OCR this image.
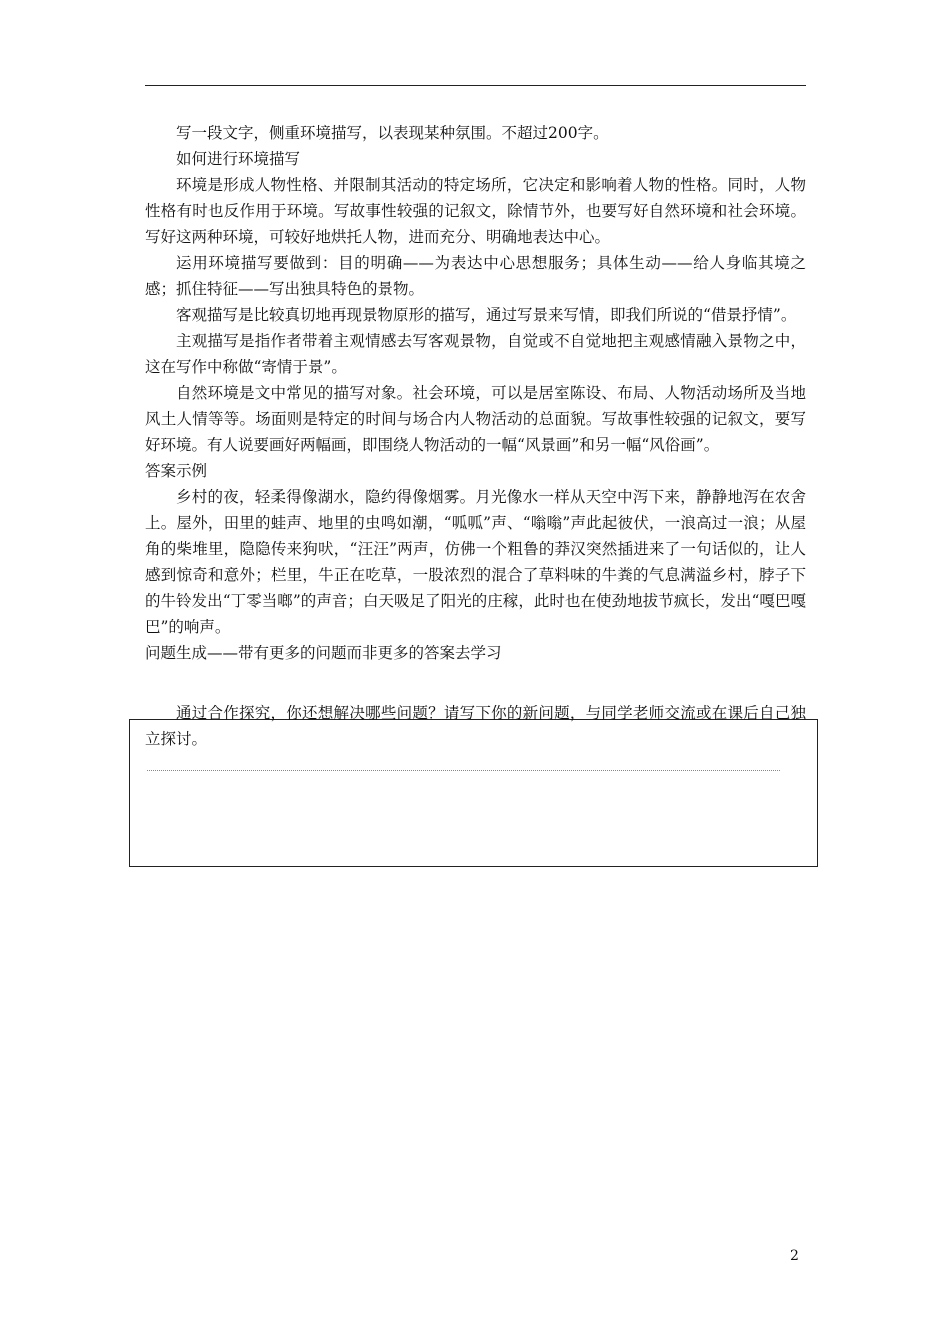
写一段文字，侧重环境描写，以表现某种氛围。不超过200字。

如何进行环境描写

环境是形成人物性格、并限制其活动的特定场所，它决定和影响着人物的性格。同时，人物性格有时也反作用于环境。写故事性较强的记叙文，除情节外，也要写好自然环境和社会环境。写好这两种环境，可较好地烘托人物，进而充分、明确地表达中心。

运用环境描写要做到：目的明确——为表达中心思想服务；具体生动——给人身临其境之感；抓住特征——写出独具特色的景物。

客观描写是比较真切地再现景物原形的描写，通过写景来写情，即我们所说的“借景抒情”。

主观描写是指作者带着主观情感去写客观景物，自觉或不自觉地把主观感情融入景物之中，这在写作中称做“寄情于景”。

自然环境是文中常见的描写对象。社会环境，可以是居室陈设、布局、人物活动场所及当地风土人情等等。场面则是特定的时间与场合内人物活动的总面貌。写故事性较强的记叙文，要写好环境。有人说要画好两幅画，即围绕人物活动的一幅“风景画”和另一幅“风俗画”。

答案示例

乡村的夜，轻柔得像湖水，隐约得像烟雾。月光像水一样从天空中泻下来，静静地泻在农舍上。屋外，田里的蛙声、地里的虫鸣如潮，“呱呱”声、“嗡嗡”声此起彼伏，一浪高过一浪；从屋角的柴堆里，隐隐传来狗吠，“汪汪”两声，仿佛一个粗鲁的莽汉突然插进来了一句话似的，让人感到惊奇和意外；栏里，牛正在吃草，一股浓烈的混合了草料味的牛粪的气息满溢乡村，脖子下的牛铃发出“丁零当啷”的声音；白天吸足了阳光的庄稼，此时也在使劲地拔节疯长，发出“嘎巴嘎巴”的响声。

问题生成——带有更多的问题而非更多的答案去学习

通过合作探究，你还想解决哪些问题？请写下你的新问题，与同学老师交流或在课后自己独立探讨。

2
